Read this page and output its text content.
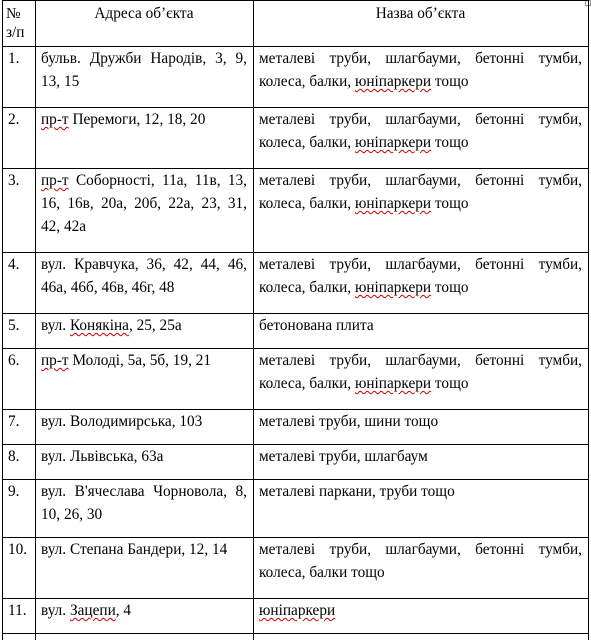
№
з/п	Адреса об’єкта	Назва об’єкта
1.	бульв. Дружби Народів, 3, 9, 13, 15	металеві труби, шлагбауми, бетонні тумби, колеса, балки, юніпаркери тощо
2.	пр-т Перемоги, 12, 18, 20	металеві труби, шлагбауми, бетонні тумби, колеса, балки, юніпаркери тощо
3.	пр-т Соборності, 11а, 11в, 13, 16, 16в, 20а, 20б, 22а, 23, 31, 42, 42а	металеві труби, шлагбауми, бетонні тумби, колеса, балки, юніпаркери тощо
4.	вул. Кравчука, 36, 42, 44, 46, 46а, 46б, 46в, 46г, 48	металеві труби, шлагбауми, бетонні тумби, колеса, балки, юніпаркери тощо
5.	вул. Конякіна, 25, 25а	бетонована плита
6.	пр-т Молоді, 5а, 5б, 19, 21	металеві труби, шлагбауми, бетонні тумби, колеса, балки, юніпаркери тощо
7.	вул. Володимирська, 103	металеві труби, шини тощо
8.	вул. Львівська, 63а	металеві труби, шлагбаум
9.	вул. В'ячеслава Чорновола, 8, 10, 26, 30	металеві паркани, труби тощо
10.	вул. Степана Бандери, 12, 14	металеві труби, шлагбауми, бетонні тумби, колеса, балки тощо
11.	вул. Зацепи, 4	юніпаркери
